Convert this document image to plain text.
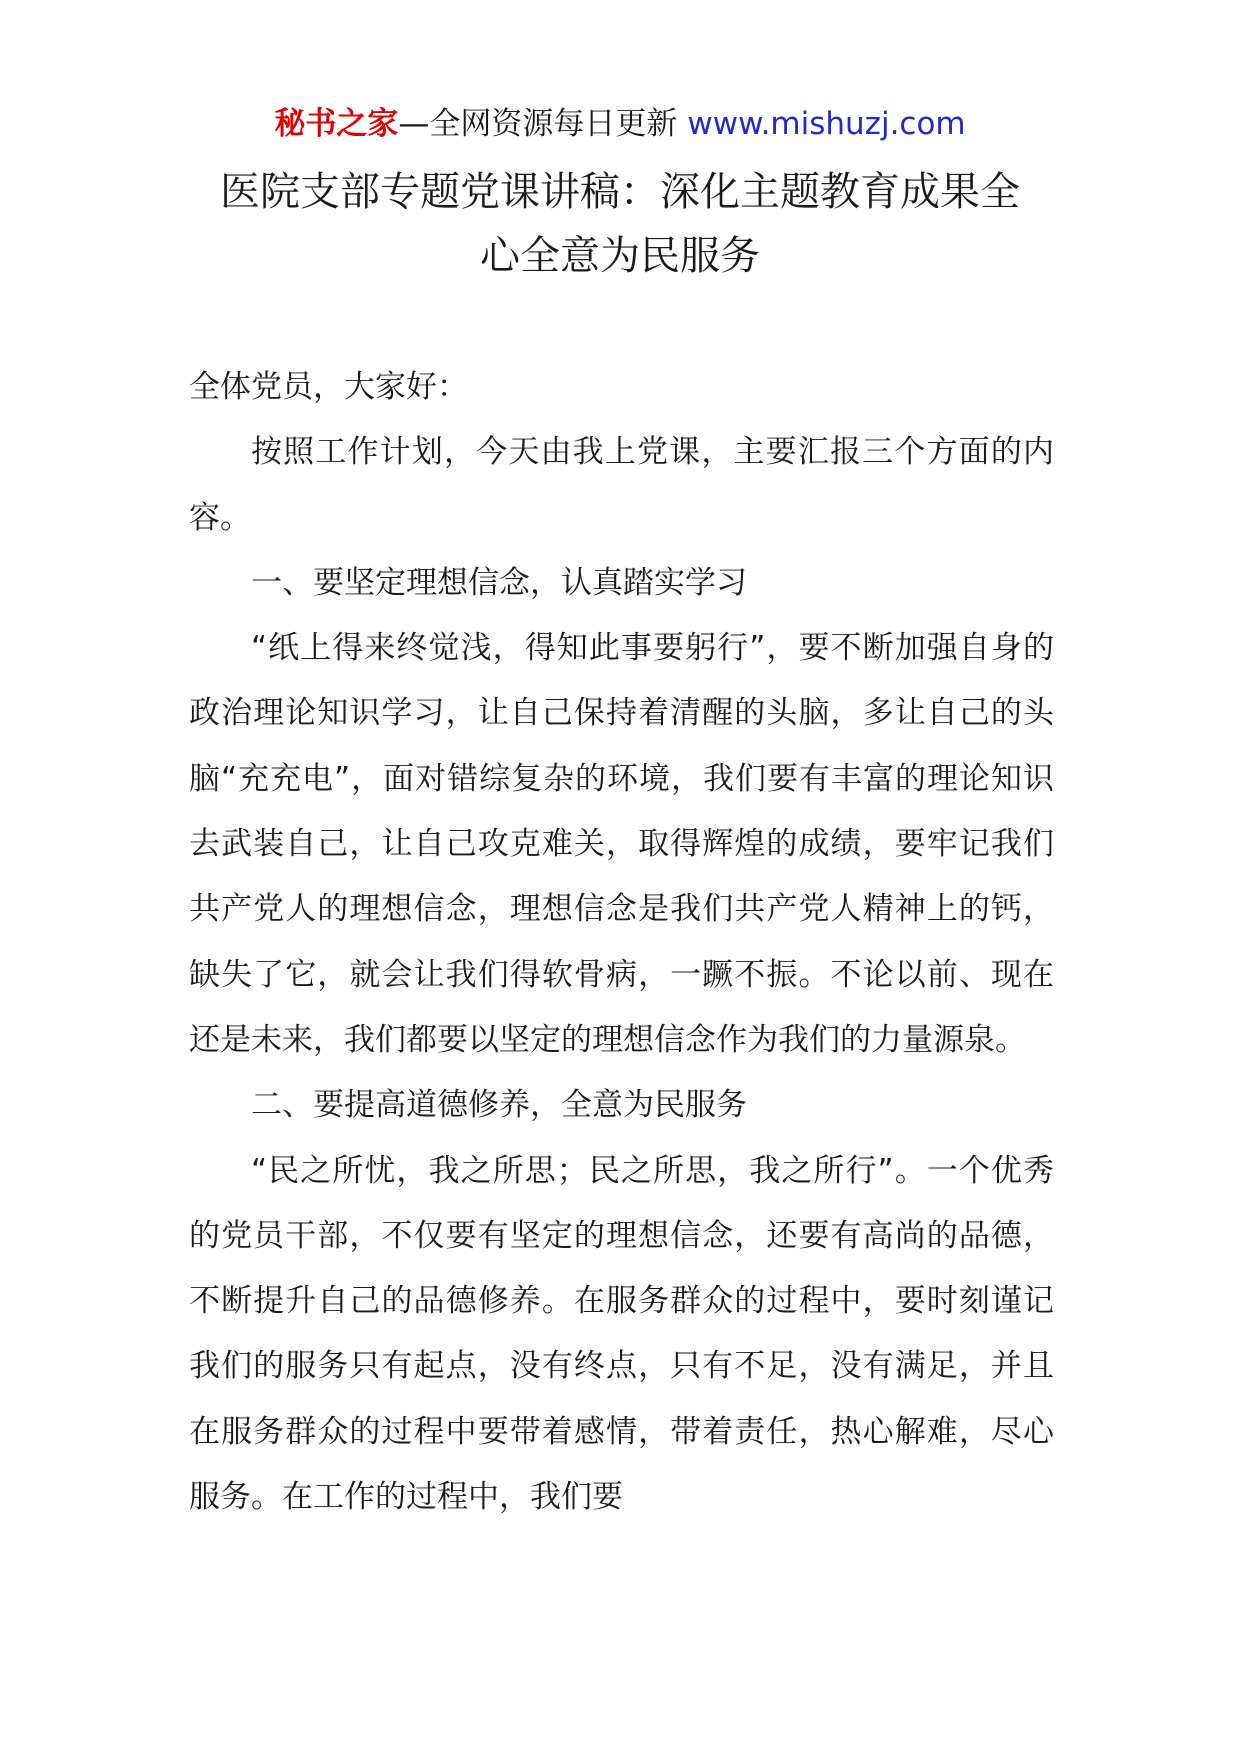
秘书之家—全网资源每日更新 www.mishuzj.com
医院支部专题党课讲稿：深化主题教育成果全
心全意为民服务

全体党员，大家好：

按照工作计划，今天由我上党课，主要汇报三个方面的内容。

一、要坚定理想信念，认真踏实学习

“纸上得来终觉浅，得知此事要躬行”，要不断加强自身的政治理论知识学习，让自己保持着清醒的头脑，多让自己的头脑“充充电”，面对错综复杂的环境，我们要有丰富的理论知识去武装自己，让自己攻克难关，取得辉煌的成绩，要牢记我们共产党人的理想信念，理想信念是我们共产党人精神上的钙，缺失了它，就会让我们得软骨病，一蹶不振。不论以前、现在还是未来，我们都要以坚定的理想信念作为我们的力量源泉。

二、要提高道德修养，全意为民服务

“民之所忧，我之所思；民之所思，我之所行”。一个优秀的党员干部，不仅要有坚定的理想信念，还要有高尚的品德，不断提升自己的品德修养。在服务群众的过程中，要时刻谨记我们的服务只有起点，没有终点，只有不足，没有满足，并且在服务群众的过程中要带着感情，带着责任，热心解难，尽心服务。在工作的过程中，我们要
